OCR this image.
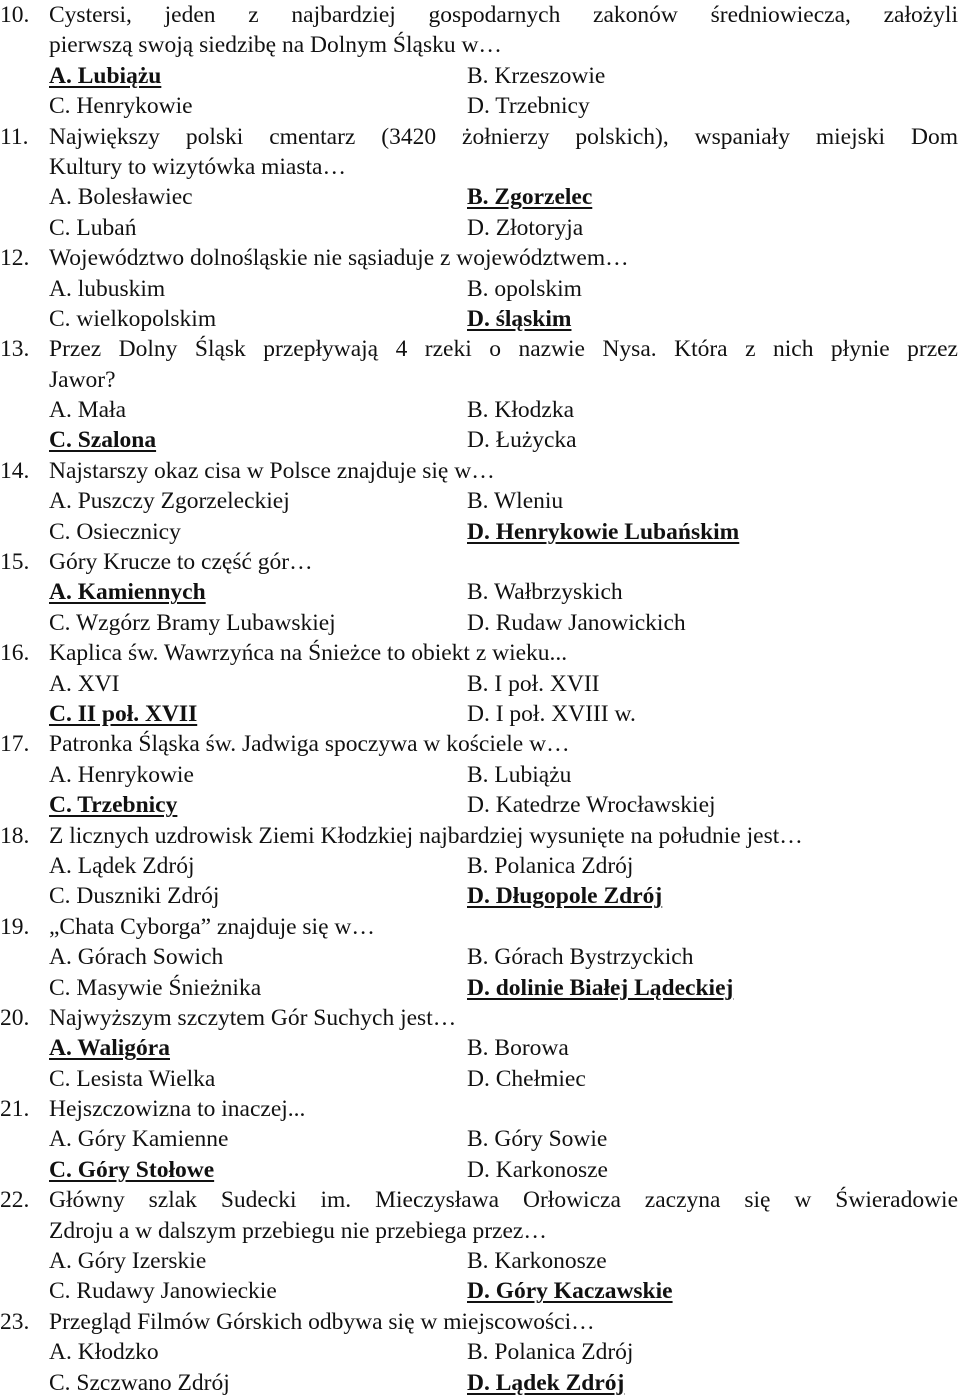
10. Cystersi, jeden z najbardziej gospodarnych zakonów średniowiecza, założyli
pierwszą swoją siedzibę na Dolnym Śląsku w…
A. Lubiążu	B. Krzeszowie
C. Henrykowie	D. Trzebnicy
11. Największy polski cmentarz (3420 żołnierzy polskich), wspaniały miejski Dom
Kultury to wizytówka miasta…
A. Bolesławiec	B. Zgorzelec
C. Lubań	D. Złotoryja
12. Województwo dolnośląskie nie sąsiaduje z województwem…
A. lubuskim	B. opolskim
C. wielkopolskim	D. śląskim
13. Przez Dolny Śląsk przepływają 4 rzeki o nazwie Nysa. Która z nich płynie przez
Jawor?
A. Mała	B. Kłodzka
C. Szalona	D. Łużycka
14. Najstarszy okaz cisa w Polsce znajduje się w…
A. Puszczy Zgorzeleckiej	B. Wleniu
C. Osiecznicy	D. Henrykowie Lubańskim
15. Góry Krucze to część gór…
A. Kamiennych	B. Wałbrzyskich
C. Wzgórz Bramy Lubawskiej	D. Rudaw Janowickich
16. Kaplica św. Wawrzyńca na Śnieżce to obiekt z wieku...
A. XVI	B. I poł. XVII
C. II poł. XVII	D. I poł. XVIII w.
17. Patronka Śląska św. Jadwiga spoczywa w kościele w…
A. Henrykowie	B. Lubiążu
C. Trzebnicy	D. Katedrze Wrocławskiej
18. Z licznych uzdrowisk Ziemi Kłodzkiej najbardziej wysunięte na południe jest…
A. Lądek Zdrój	B. Polanica Zdrój
C. Duszniki Zdrój	D. Długopole Zdrój
19. „Chata Cyborga” znajduje się w…
A. Górach Sowich	B. Górach Bystrzyckich
C. Masywie Śnieżnika	D. dolinie Białej Lądeckiej
20. Najwyższym szczytem Gór Suchych jest…
A. Waligóra	B. Borowa
C. Lesista Wielka	D. Chełmiec
21. Hejszczowizna to inaczej...
A. Góry Kamienne	B. Góry Sowie
C. Góry Stołowe	D. Karkonosze
22. Główny szlak Sudecki im. Mieczysława Orłowicza zaczyna się w Świeradowie
Zdroju a w dalszym przebiegu nie przebiega przez…
A. Góry Izerskie	B. Karkonosze
C. Rudawy Janowieckie	D. Góry Kaczawskie
23. Przegląd Filmów Górskich odbywa się w miejscowości…
A. Kłodzko	B. Polanica Zdrój
C. Szczwano Zdrój	D. Lądek Zdrój
